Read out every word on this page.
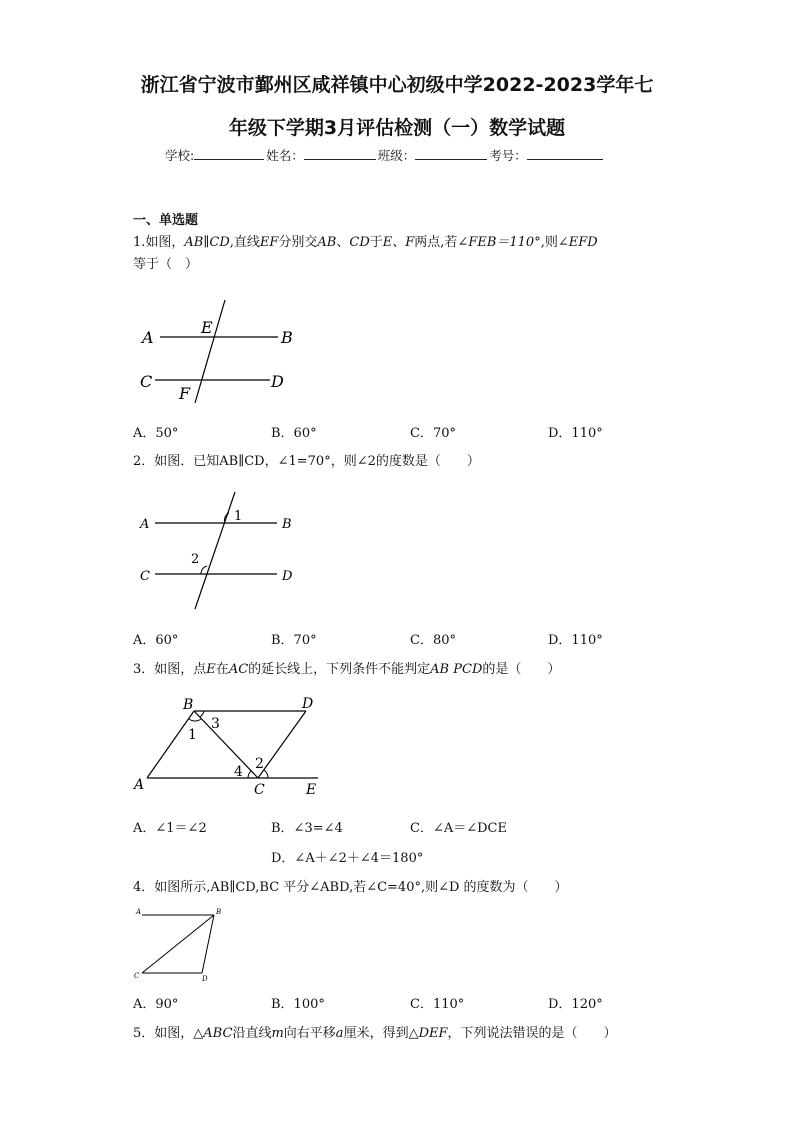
浙江省宁波市鄞州区咸祥镇中心初级中学2022-2023学年七
年级下学期3月评估检测（一）数学试题
学校:	姓名：	班级：	考号：
一、单选题
1.如图，AB∥CD,直线EF分别交AB、CD于E、F两点,若∠FEB＝110°,则∠EFD
等于（　）
A	B
C	D
E
F
A．50°	B．60°	C．70°	D．110°
2．如图．已知AB∥CD，∠1=70°，则∠2的度数是（　　）
A	B
C	D
1
2
A．60°	B．70°	C．80°	D．110°
3．如图，点E在AC的延长线上，下列条件不能判定AB PCD的是（　　）
A
B
C
D
E
1
2
3
4
A．∠1＝∠2	B．∠3=∠4	C．∠A＝∠DCE
D．∠A＋∠2＋∠4＝180°
4．如图所示,AB∥CD,BC 平分∠ABD,若∠C=40°,则∠D 的度数为（　　）
A	B
C	D
A．90°	B．100°	C．110°	D．120°
5．如图，△ABC沿直线m向右平移a厘米，得到△DEF，下列说法错误的是（　　）
